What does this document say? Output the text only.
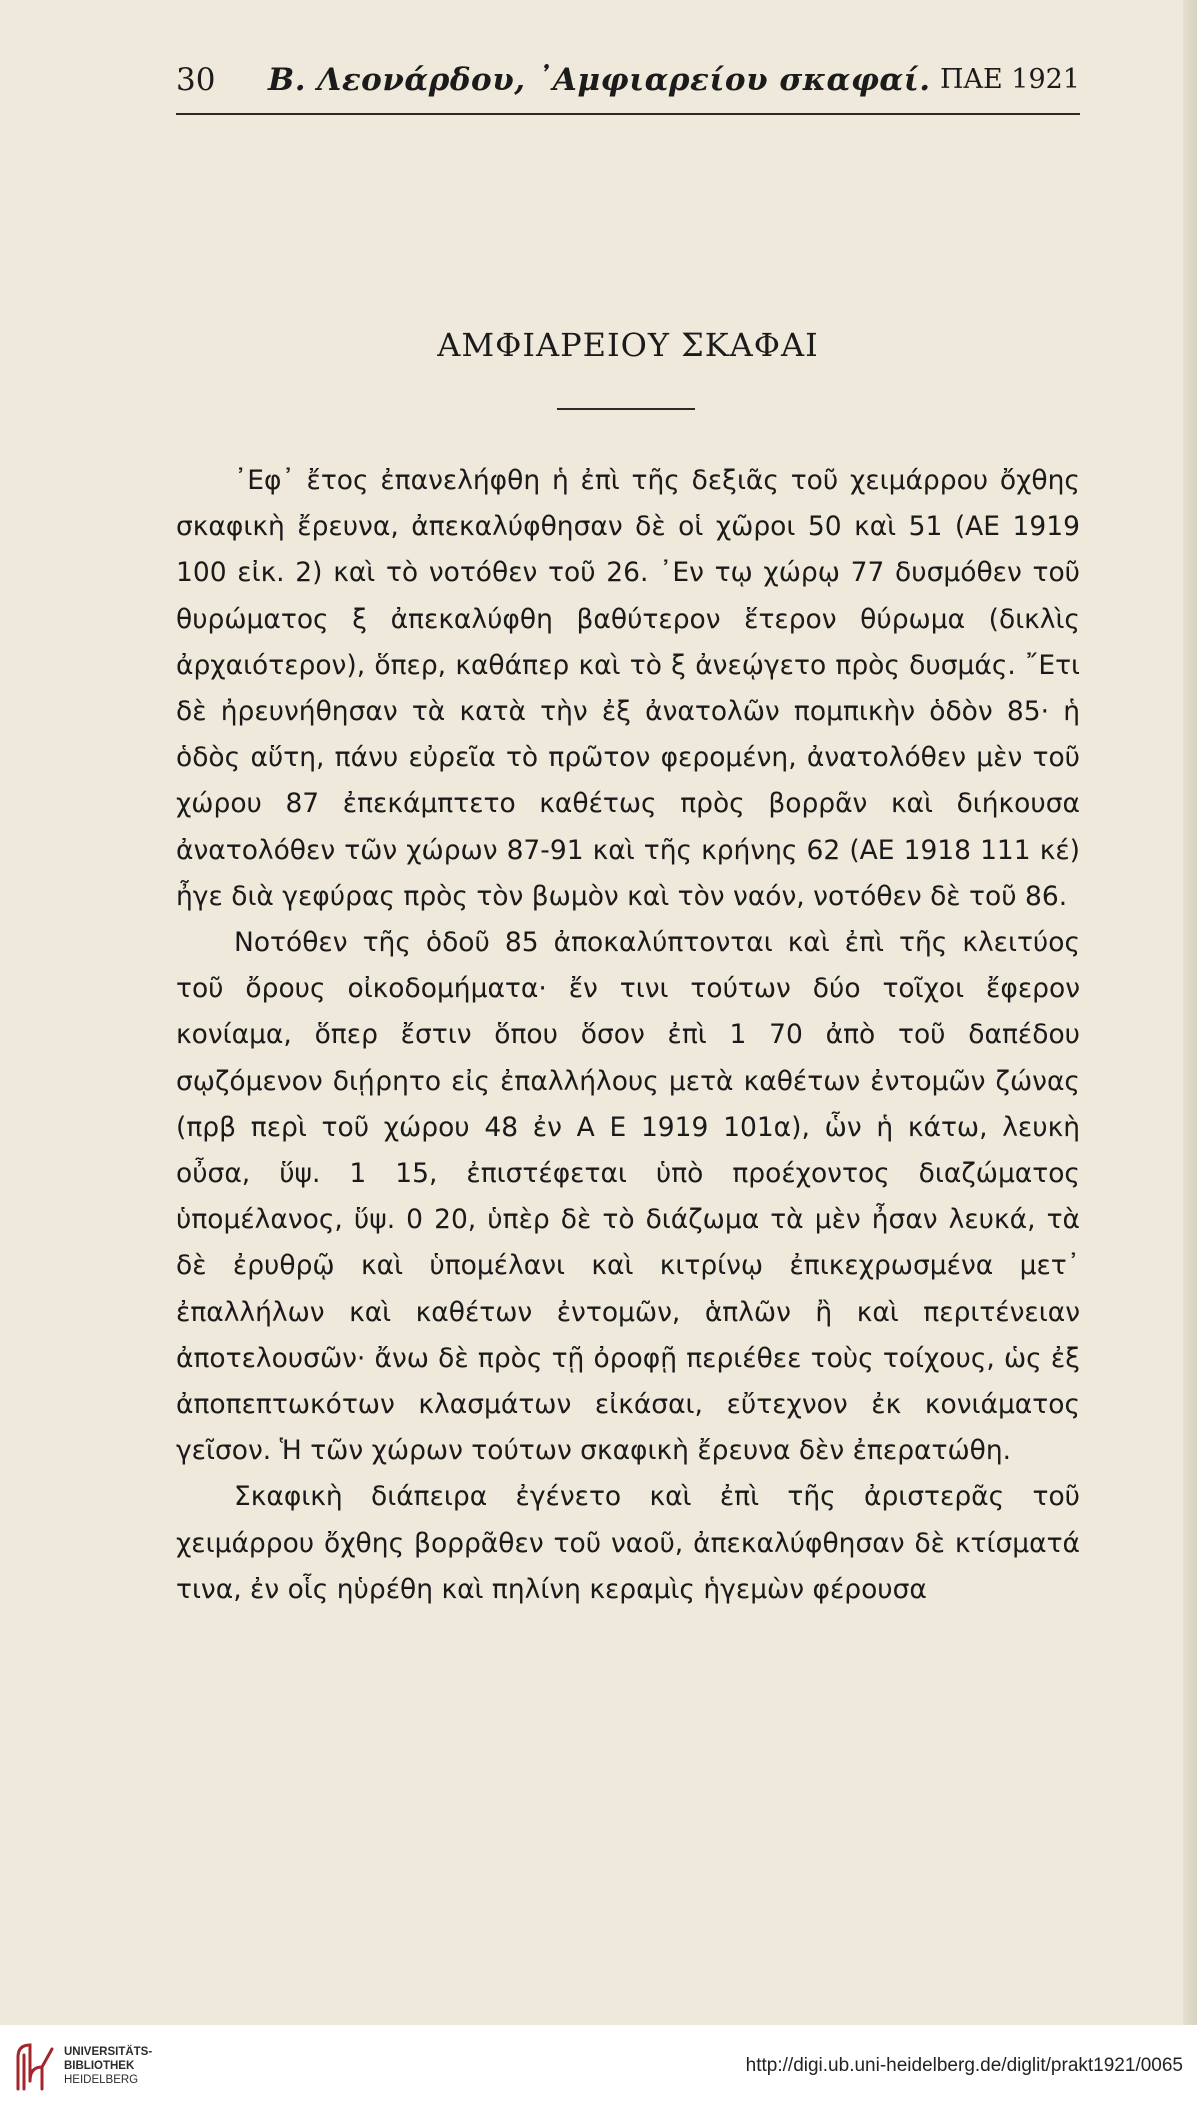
30 Β. Λεονάρδου, ᾿Αμφιαρείου σκαφαί. ΠΑΕ 1921
ΑΜΦΙΑΡΕΙΟΥ ΣΚΑΦΑΙ

᾿Εφ᾿ ἔτος ἐπανελήφθη ἡ ἐπὶ τῆς δεξιᾶς τοῦ χειμάρρου ὄχθης σκαφικὴ ἔρευνα, ἀπεκαλύφθησαν δὲ οἱ χῶροι 50 καὶ 51 (ΑΕ 1919 100 εἰκ. 2) καὶ τὸ νοτόθεν τοῦ 26. ᾿Εν τῳ χώρῳ 77 δυσμόθεν τοῦ θυρώματος ξ ἀπεκαλύφθη βαθύτερον ἕτερον θύρωμα (δικλὶς ἀρχαιότερον), ὅπερ, καθάπερ καὶ τὸ ξ ἀνεῴγετο πρὸς δυσμάς. ῎Ετι δὲ ἠρευνήθησαν τὰ κατὰ τὴν ἐξ ἀνατολῶν πομπικὴν ὁδὸν 85· ἡ ὁδὸς αὕτη, πάνυ εὐρεῖα τὸ πρῶτον φερομένη, ἀνατολόθεν μὲν τοῦ χώρου 87 ἐπεκάμπτετο καθέτως πρὸς βορρᾶν καὶ διήκουσα ἀνατολόθεν τῶν χώρων 87-91 καὶ τῆς κρήνης 62 (ΑΕ 1918 111 κέ) ἦγε διὰ γεφύρας πρὸς τὸν βωμὸν καὶ τὸν ναόν, νοτόθεν δὲ τοῦ 86.

Νοτόθεν τῆς ὁδοῦ 85 ἀποκαλύπτονται καὶ ἐπὶ τῆς κλειτύος τοῦ ὄρους οἰκοδομήματα· ἔν τινι τούτων δύο τοῖχοι ἔφερον κονίαμα, ὅπερ ἔστιν ὅπου ὅσον ἐπὶ 1 70 ἀπὸ τοῦ δαπέδου σῳζόμενον διῄρητο εἰς ἐπαλλήλους μετὰ καθέτων ἐντομῶν ζώνας (πρβ περὶ τοῦ χώρου 48 ἐν Α Ε 1919 101α), ὧν ἡ κάτω, λευκὴ οὖσα, ὕψ. 1 15, ἐπιστέφεται ὑπὸ προέχοντος διαζώματος ὑπομέλανος, ὕψ. 0 20, ὑπὲρ δὲ τὸ διάζωμα τὰ μὲν ἦσαν λευκά, τὰ δὲ ἐρυθρῷ καὶ ὑπομέλανι καὶ κιτρίνῳ ἐπικεχρωσμένα μετ᾿ ἐπαλλήλων καὶ καθέτων ἐντομῶν, ἁπλῶν ἢ καὶ περιτένειαν ἀποτελουσῶν· ἄνω δὲ πρὸς τῇ ὀροφῇ περιέθεε τοὺς τοίχους, ὡς ἐξ ἀποπεπτωκότων κλασμάτων εἰκάσαι, εὔτεχνον ἐκ κονιάματος γεῖσον. Ἡ τῶν χώρων τούτων σκαφικὴ ἔρευνα δὲν ἐπερατώθη.

Σκαφικὴ διάπειρα ἐγένετο καὶ ἐπὶ τῆς ἀριστερᾶς τοῦ χειμάρρου ὄχθης βορρᾶθεν τοῦ ναοῦ, ἀπεκαλύφθησαν δὲ κτίσματά τινα, ἐν οἷς ηὑρέθη καὶ πηλίνη κεραμὶς ἡγεμὼν φέρουσα

UNIVERSITÄTS-
BIBLIOTHEK
HEIDELBERG
http://digi.ub.uni-heidelberg.de/diglit/prakt1921/0065
